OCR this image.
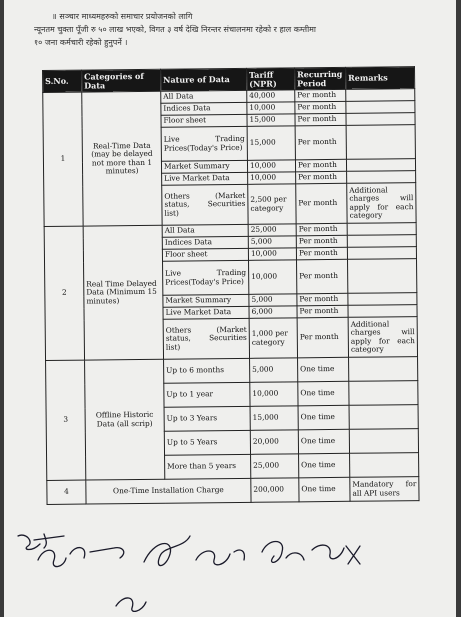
॥ सञ्चार माध्यमहरुको समाचार प्रयोजनको लागि
न्यूनतम चुक्ता पूँजी रु ५० लाख भएको, विगत ३ वर्ष देखि निरन्तर संचालनमा रहेको र हाल कम्तीमा
१० जना कर्मचारी रहेको हुनुपर्ने ।
S.No.	Categories of Data	Nature of Data	Tariff (NPR)	Recurring Period	Remarks
1	Real-Time Data (may be delayed not more than 1 minutes)	All Data	40,000	Per month	
		Indices Data	10,000	Per month	
		Floor sheet	15,000	Per month	
		Live Trading Prices(Today's Price)	15,000	Per month	
		Market Summary	10,000	Per month	
		Live Market Data	10,000	Per month	
		Others (Market status, Securities list)	2,500 per category	Per month	Additional charges will apply for each category
2	Real Time Delayed Data (Minimum 15 minutes)	All Data	25,000	Per month	
		Indices Data	5,000	Per month	
		Floor sheet	10,000	Per month	
		Live Trading Prices(Today's Price)	10,000	Per month	
		Market Summary	5,000	Per month	
		Live Market Data	6,000	Per month	
		Others (Market status, Securities list)	1,000 per category	Per month	Additional charges will apply for each category
3	Offline Historic Data (all scrip)	Up to 6 months	5,000	One time	
		Up to 1 year	10,000	One time	
		Up to 3 Years	15,000	One time	
		Up to 5 Years	20,000	One time	
		More than 5 years	25,000	One time	
4	One-Time Installation Charge		200,000	One time	Mandatory for all API users
